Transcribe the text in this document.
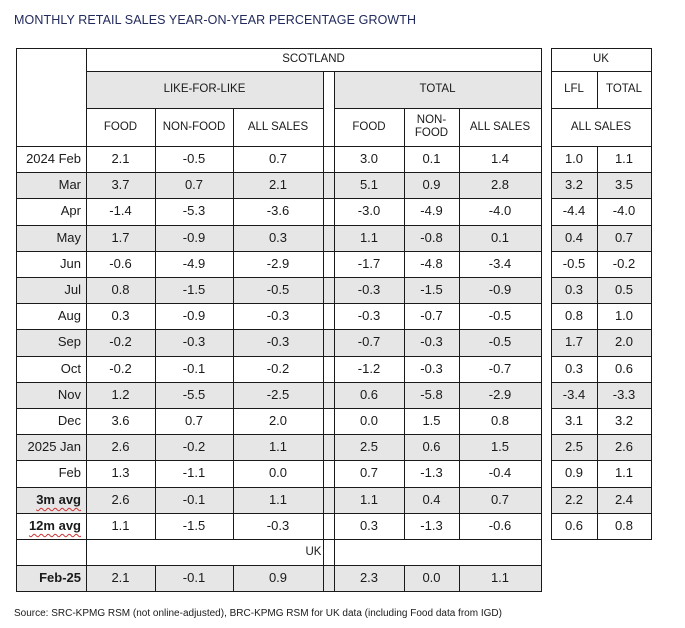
MONTHLY RETAIL SALES YEAR-ON-YEAR PERCENTAGE GROWTH
SCOTLAND	UK
LIKE-FOR-LIKE	TOTAL	LFL	TOTAL
FOOD	NON-FOOD	ALL SALES	FOOD
NON-
FOOD
ALL SALES	ALL SALES
2024 Feb	2.1	-0.5	0.7	3.0	0.1	1.4	1.0	1.1
Mar	3.7	0.7	2.1	5.1	0.9	2.8	3.2	3.5
Apr	-1.4	-5.3	-3.6	-3.0	-4.9	-4.0	-4.4	-4.0
May	1.7	-0.9	0.3	1.1	-0.8	0.1	0.4	0.7
Jun	-0.6	-4.9	-2.9	-1.7	-4.8	-3.4	-0.5	-0.2
Jul	0.8	-1.5	-0.5	-0.3	-1.5	-0.9	0.3	0.5
Aug	0.3	-0.9	-0.3	-0.3	-0.7	-0.5	0.8	1.0
Sep	-0.2	-0.3	-0.3	-0.7	-0.3	-0.5	1.7	2.0
Oct	-0.2	-0.1	-0.2	-1.2	-0.3	-0.7	0.3	0.6
Nov	1.2	-5.5	-2.5	0.6	-5.8	-2.9	-3.4	-3.3
Dec	3.6	0.7	2.0	0.0	1.5	0.8	3.1	3.2
2025 Jan	2.6	-0.2	1.1	2.5	0.6	1.5	2.5	2.6
Feb	1.3	-1.1	0.0	0.7	-1.3	-0.4	0.9	1.1
3m avg	2.6	-0.1	1.1	1.1	0.4	0.7	2.2	2.4
12m avg	1.1	-1.5	-0.3	0.3	-1.3	-0.6	0.6	0.8
UK
Feb-25	2.1	-0.1	0.9	2.3	0.0	1.1
Source: SRC-KPMG RSM (not online-adjusted), BRC-KPMG RSM for UK data (including Food data from IGD)
